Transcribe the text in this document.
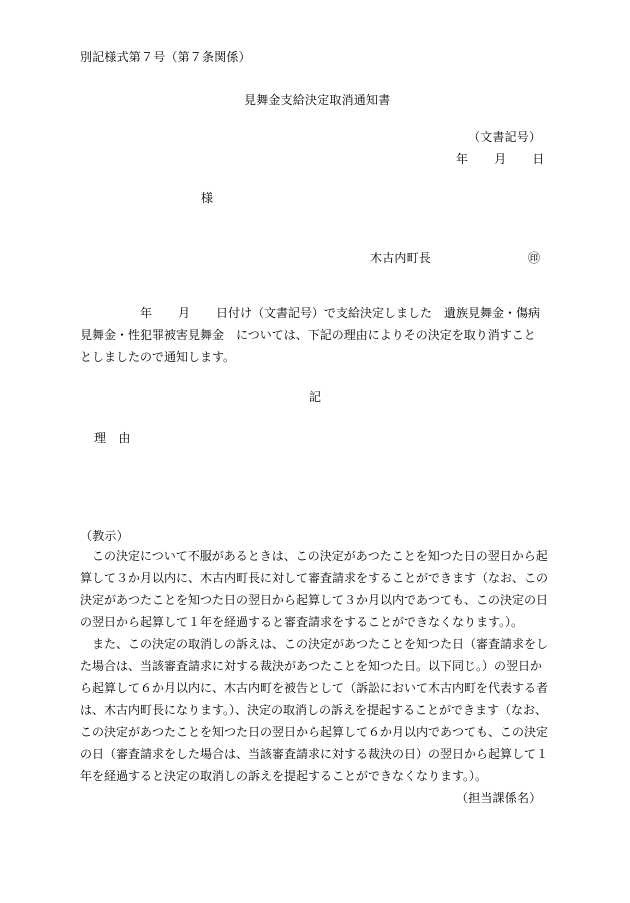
別記様式第７号（第７条関係）
見舞金支給決定取消通知書
（文書記号）
年 月 日
様
木古内町長	㊞

年 月 日付け（文書記号）で支給決定しました　遺族見舞金・傷病

見舞金・性犯罪被害見舞金　については、下記の理由によりその決定を取り消すこと

としましたので通知します。

記
理　由
（教示）

この決定について不服があるときは、この決定があつたことを知つた日の翌日から起算して３か月以内に、木古内町長に対して審査請求をすることができます（なお、この決定があつたことを知つた日の翌日から起算して３か月以内であつても、この決定の日の翌日から起算して１年を経過すると審査請求をすることができなくなります。）。

また、この決定の取消しの訴えは、この決定があつたことを知つた日（審査請求をした場合は、当該審査請求に対する裁決があつたことを知つた日。以下同じ。）の翌日から起算して６か月以内に、木古内町を被告として（訴訟において木古内町を代表する者は、木古内町長になります。）、決定の取消しの訴えを提起することができます（なお、この決定があつたことを知つた日の翌日から起算して６か月以内であつても、この決定の日（審査請求をした場合は、当該審査請求に対する裁決の日）の翌日から起算して１年を経過すると決定の取消しの訴えを提起することができなくなります。）。

（担当課係名）
